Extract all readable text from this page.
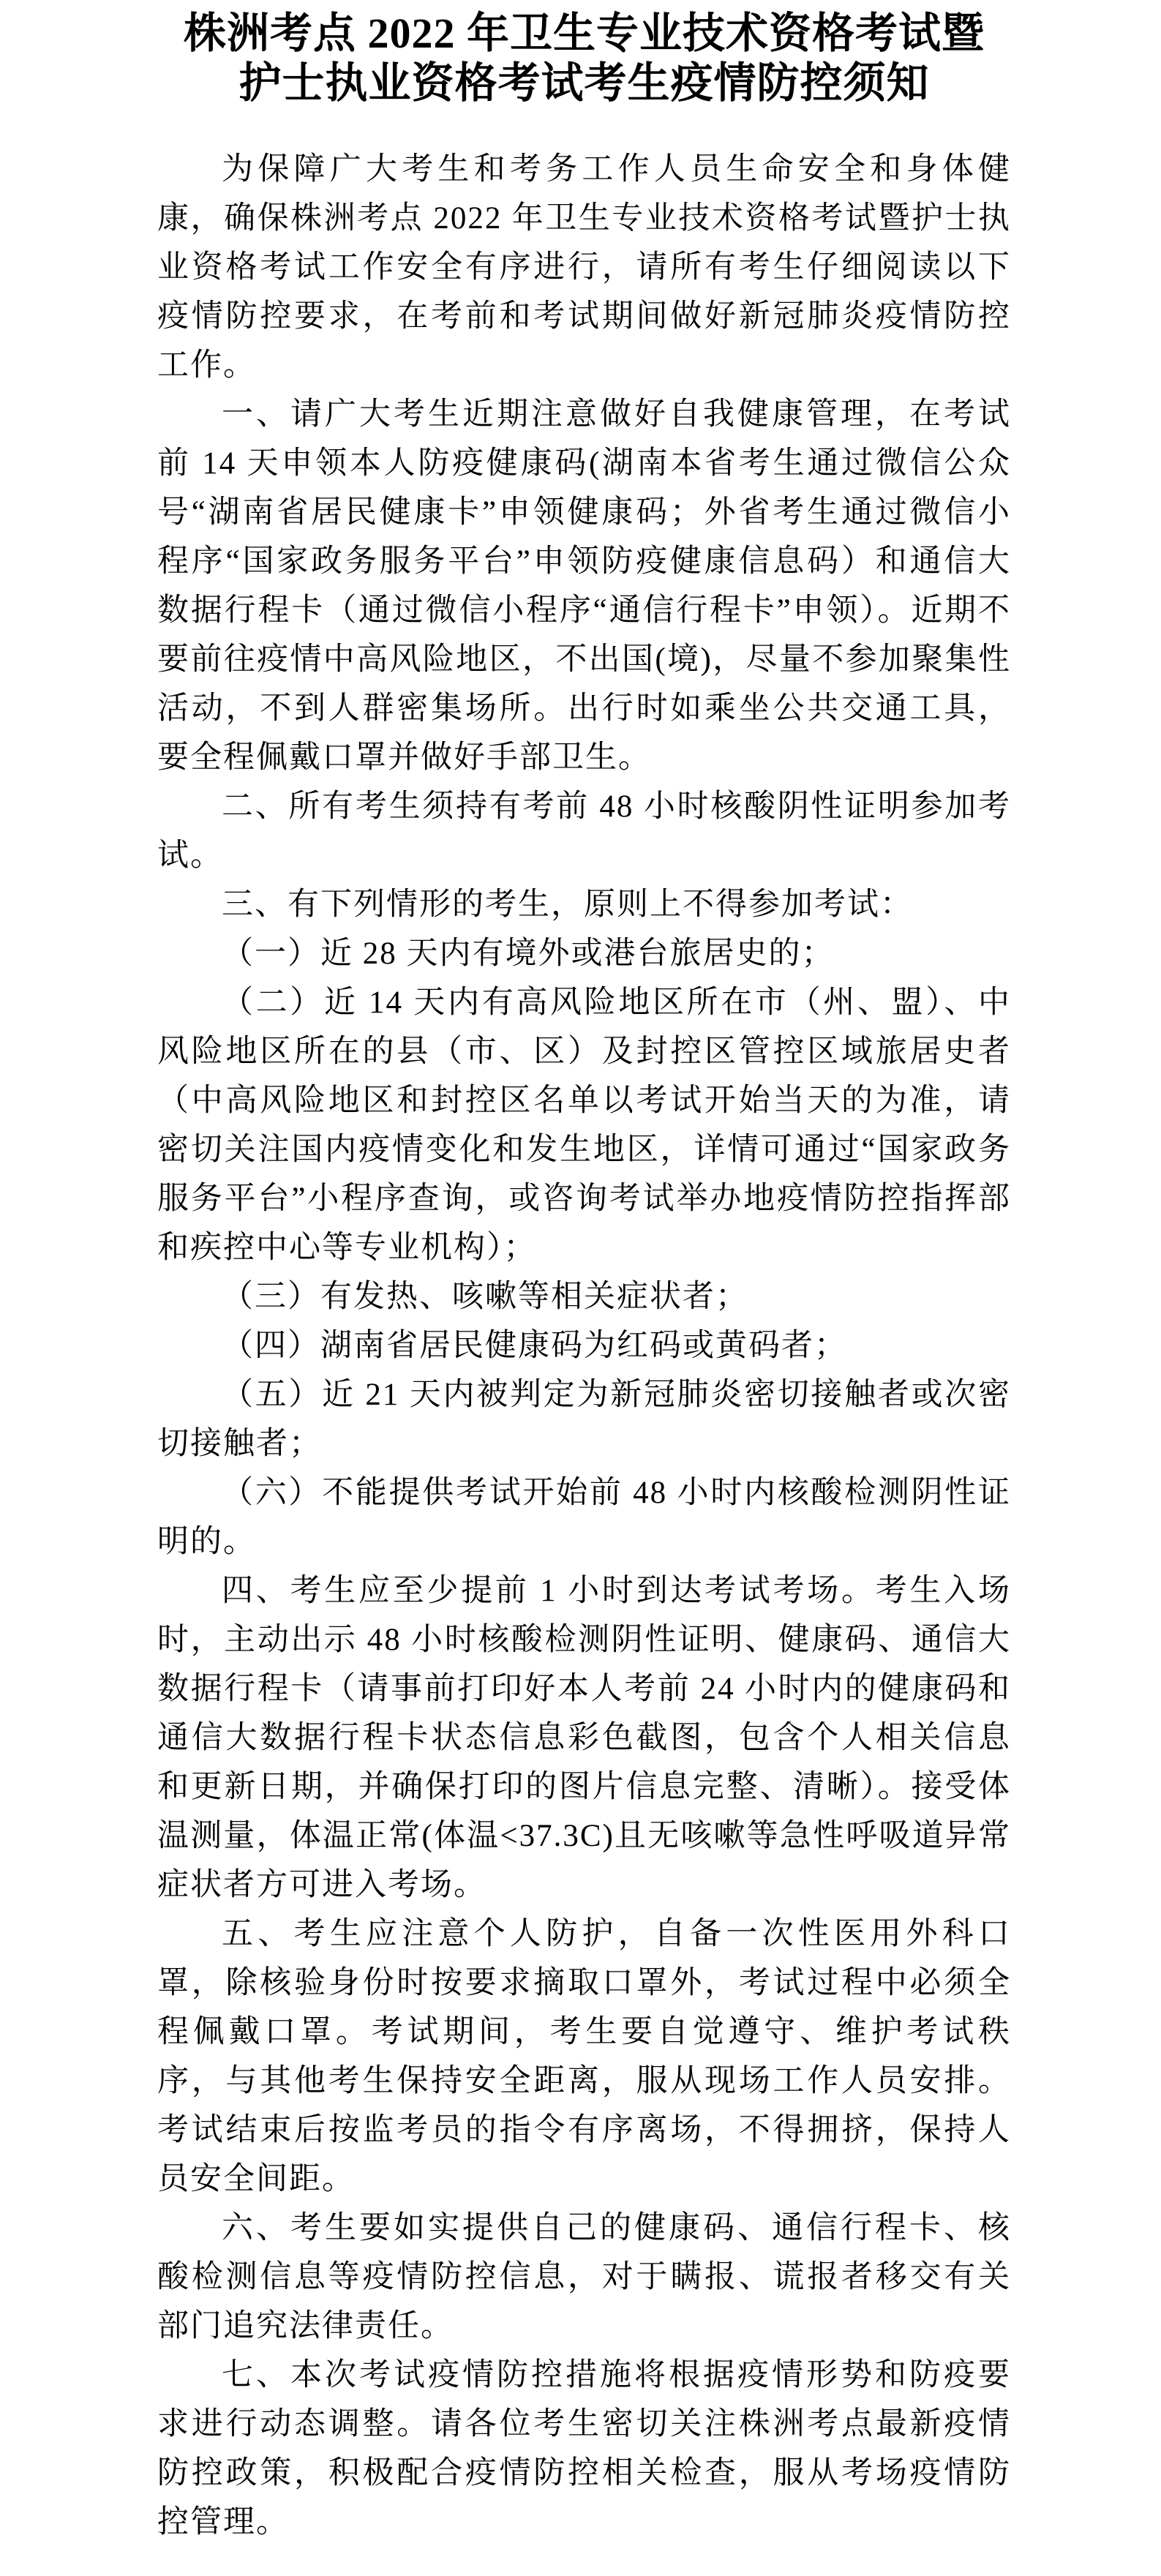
株洲考点 2022 年卫生专业技术资格考试暨
护士执业资格考试考生疫情防控须知

为保障广大考生和考务工作人员生命安全和身体健康，确保株洲考点 2022 年卫生专业技术资格考试暨护士执业资格考试工作安全有序进行，请所有考生仔细阅读以下疫情防控要求，在考前和考试期间做好新冠肺炎疫情防控工作。

一、请广大考生近期注意做好自我健康管理，在考试前 14 天申领本人防疫健康码(湖南本省考生通过微信公众号“湖南省居民健康卡”申领健康码；外省考生通过微信小程序“国家政务服务平台”申领防疫健康信息码）和通信大数据行程卡（通过微信小程序“通信行程卡”申领）。近期不要前往疫情中高风险地区，不出国(境)，尽量不参加聚集性活动，不到人群密集场所。出行时如乘坐公共交通工具，要全程佩戴口罩并做好手部卫生。

二、所有考生须持有考前 48 小时核酸阴性证明参加考试。

三、有下列情形的考生，原则上不得参加考试：

（一）近 28 天内有境外或港台旅居史的；

（二）近 14 天内有高风险地区所在市（州、盟）、中风险地区所在的县（市、区）及封控区管控区域旅居史者（中高风险地区和封控区名单以考试开始当天的为准，请密切关注国内疫情变化和发生地区，详情可通过“国家政务服务平台”小程序查询，或咨询考试举办地疫情防控指挥部和疾控中心等专业机构）；

（三）有发热、咳嗽等相关症状者；

（四）湖南省居民健康码为红码或黄码者；

（五）近 21 天内被判定为新冠肺炎密切接触者或次密切接触者；

（六）不能提供考试开始前 48 小时内核酸检测阴性证明的。

四、考生应至少提前 1 小时到达考试考场。考生入场时，主动出示 48 小时核酸检测阴性证明、健康码、通信大数据行程卡（请事前打印好本人考前 24 小时内的健康码和通信大数据行程卡状态信息彩色截图，包含个人相关信息和更新日期，并确保打印的图片信息完整、清晰）。接受体温测量，体温正常(体温<37.3C)且无咳嗽等急性呼吸道异常症状者方可进入考场。

五、考生应注意个人防护，自备一次性医用外科口罩，除核验身份时按要求摘取口罩外，考试过程中必须全程佩戴口罩。考试期间，考生要自觉遵守、维护考试秩序，与其他考生保持安全距离，服从现场工作人员安排。考试结束后按监考员的指令有序离场，不得拥挤，保持人员安全间距。

六、考生要如实提供自己的健康码、通信行程卡、核酸检测信息等疫情防控信息，对于瞒报、谎报者移交有关部门追究法律责任。

七、本次考试疫情防控措施将根据疫情形势和防疫要求进行动态调整。请各位考生密切关注株洲考点最新疫情防控政策，积极配合疫情防控相关检查，服从考场疫情防控管理。
